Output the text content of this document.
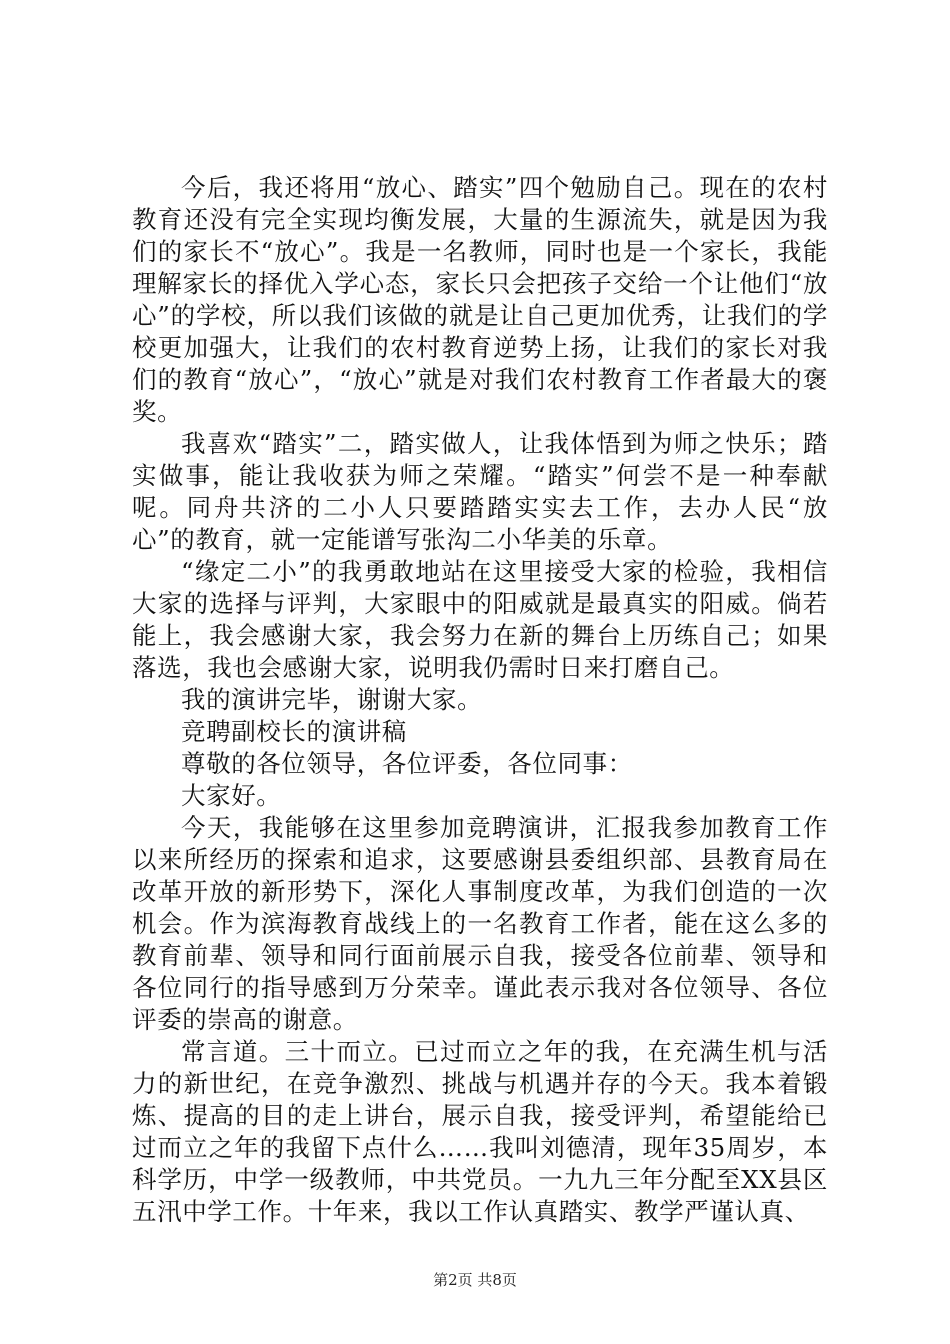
今后，我还将用“放心、踏实”四个勉励自己。现在的农村教育还没有完全实现均衡发展，大量的生源流失，就是因为我们的家长不“放心”。我是一名教师，同时也是一个家长，我能理解家长的择优入学心态，家长只会把孩子交给一个让他们“放心”的学校，所以我们该做的就是让自己更加优秀，让我们的学校更加强大，让我们的农村教育逆势上扬，让我们的家长对我们的教育“放心”，“放心”就是对我们农村教育工作者最大的褒奖。

我喜欢“踏实”二，踏实做人，让我体悟到为师之快乐；踏实做事，能让我收获为师之荣耀。“踏实”何尝不是一种奉献呢。同舟共济的二小人只要踏踏实实去工作，去办人民“放心”的教育，就一定能谱写张沟二小华美的乐章。

“缘定二小”的我勇敢地站在这里接受大家的检验，我相信大家的选择与评判，大家眼中的阳威就是最真实的阳威。倘若能上，我会感谢大家，我会努力在新的舞台上历练自己；如果落选，我也会感谢大家，说明我仍需时日来打磨自己。

我的演讲完毕，谢谢大家。

竞聘副校长的演讲稿

尊敬的各位领导，各位评委，各位同事：

大家好。

今天，我能够在这里参加竞聘演讲，汇报我参加教育工作以来所经历的探索和追求，这要感谢县委组织部、县教育局在改革开放的新形势下，深化人事制度改革，为我们创造的一次机会。作为滨海教育战线上的一名教育工作者，能在这么多的教育前辈、领导和同行面前展示自我，接受各位前辈、领导和各位同行的指导感到万分荣幸。谨此表示我对各位领导、各位评委的崇高的谢意。

常言道。三十而立。已过而立之年的我，在充满生机与活力的新世纪，在竞争激烈、挑战与机遇并存的今天。我本着锻炼、提高的目的走上讲台，展示自我，接受评判，希望能给已过而立之年的我留下点什么……我叫刘德清，现年35周岁，本科学历，中学一级教师，中共党员。一九九三年分配至XX县区五汛中学工作。十年来，我以工作认真踏实、教学严谨认真、

第2页 共8页
